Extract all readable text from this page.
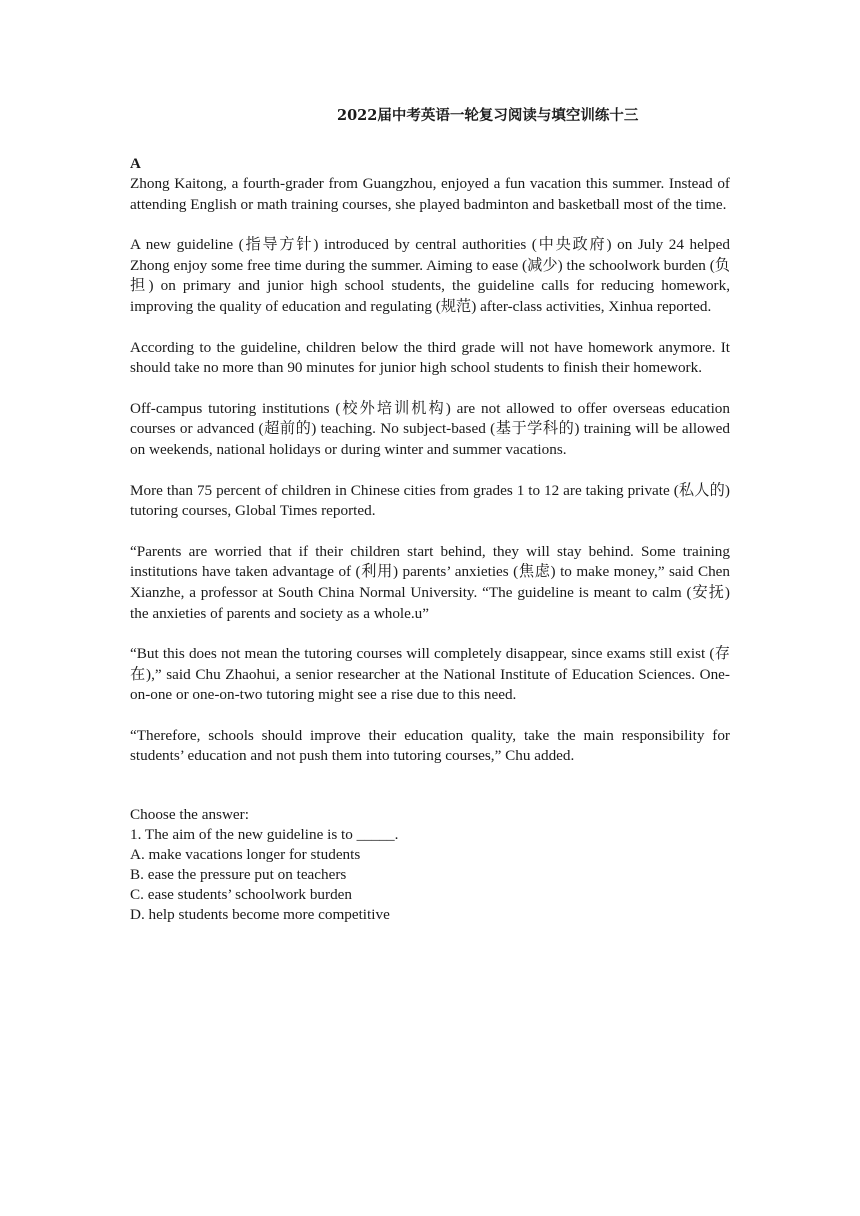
2022届中考英语一轮复习阅读与填空训练十三
A

Zhong Kaitong, a fourth-grader from Guangzhou, enjoyed a fun vacation this summer. Instead of attending English or math training courses, she played badminton and basketball most of the time.

A new guideline (指导方针) introduced by central authorities (中央政府) on July 24 helped Zhong enjoy some free time during the summer. Aiming to ease (减少) the schoolwork burden (负担) on primary and junior high school students, the guideline calls for reducing homework, improving the quality of education and regulating (规范) after-class activities, Xinhua reported.

According to the guideline, children below the third grade will not have homework anymore. It should take no more than 90 minutes for junior high school students to finish their homework.

Off-campus tutoring institutions (校外培训机构) are not allowed to offer overseas education courses or advanced (超前的) teaching. No subject-based (基于学科的) training will be allowed on weekends, national holidays or during winter and summer vacations.

More than 75 percent of children in Chinese cities from grades 1 to 12 are taking private (私人的) tutoring courses, Global Times reported.

“Parents are worried that if their children start behind, they will stay behind. Some training institutions have taken advantage of (利用) parents’ anxieties (焦虑) to make money,” said Chen Xianzhe, a professor at South China Normal University. “The guideline is meant to calm (安抚) the anxieties of parents and society as a whole.u”

“But this does not mean the tutoring courses will completely disappear, since exams still exist (存在),” said Chu Zhaohui, a senior researcher at the National Institute of Education Sciences. One-on-one or one-on-two tutoring might see a rise due to this need.

“Therefore, schools should improve their education quality, take the main responsibility for students’ education and not push them into tutoring courses,” Chu added.

Choose the answer:
1. The aim of the new guideline is to _____.
A. make vacations longer for students
B. ease the pressure put on teachers
C. ease students’ schoolwork burden
D. help students become more competitive
